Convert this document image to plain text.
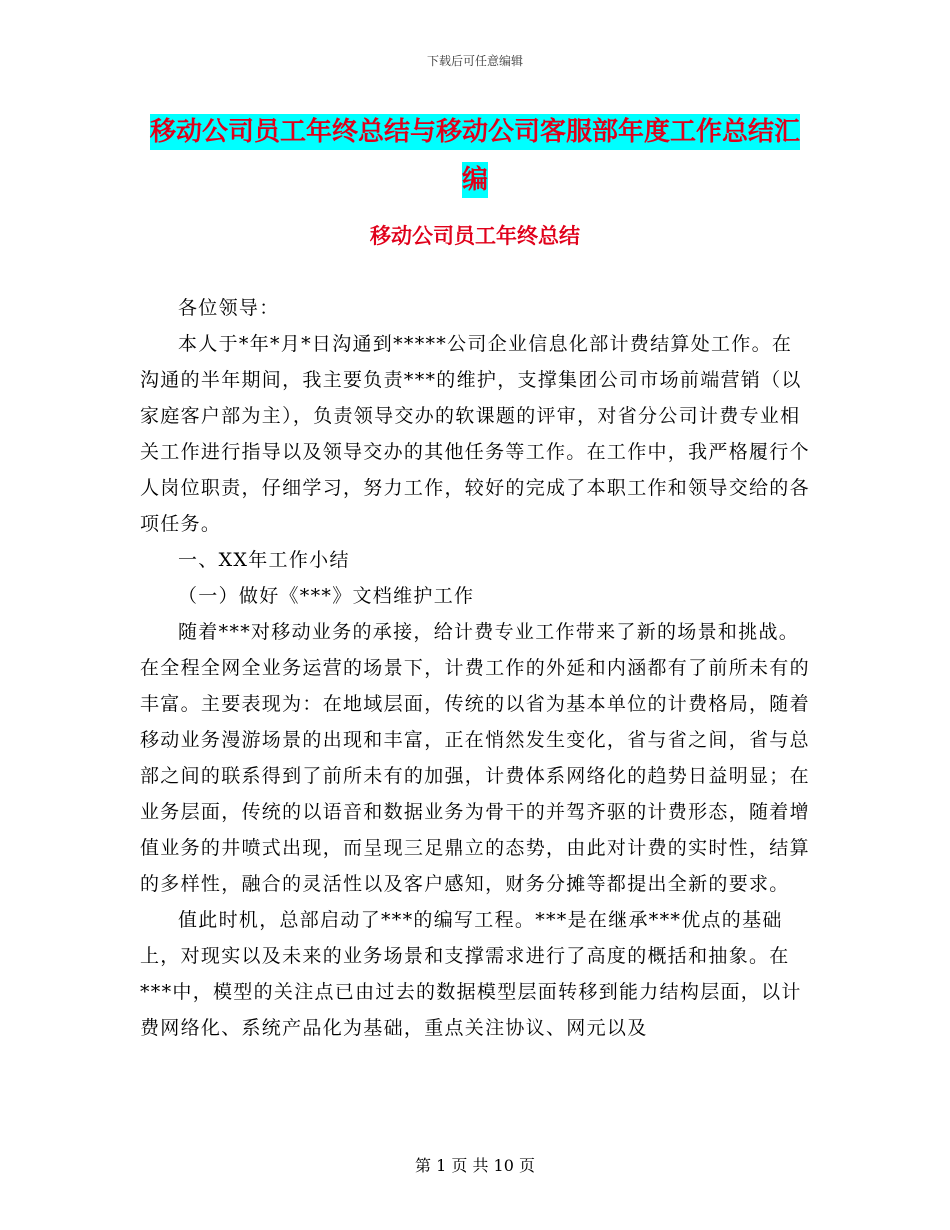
下载后可任意编辑
移动公司员工年终总结与移动公司客服部年度工作总结汇编
移动公司员工年终总结

各位领导：

本人于*年*月*日沟通到*****公司企业信息化部计费结算处工作。在沟通的半年期间，我主要负责***的维护，支撑集团公司市场前端营销（以家庭客户部为主），负责领导交办的软课题的评审，对省分公司计费专业相关工作进行指导以及领导交办的其他任务等工作。在工作中，我严格履行个人岗位职责，仔细学习，努力工作，较好的完成了本职工作和领导交给的各项任务。

一、XX年工作小结

（一）做好《***》文档维护工作

随着***对移动业务的承接，给计费专业工作带来了新的场景和挑战。在全程全网全业务运营的场景下，计费工作的外延和内涵都有了前所未有的丰富。主要表现为：在地域层面，传统的以省为基本单位的计费格局，随着移动业务漫游场景的出现和丰富，正在悄然发生变化，省与省之间，省与总部之间的联系得到了前所未有的加强，计费体系网络化的趋势日益明显；在业务层面，传统的以语音和数据业务为骨干的并驾齐驱的计费形态，随着增值业务的井喷式出现，而呈现三足鼎立的态势，由此对计费的实时性，结算的多样性，融合的灵活性以及客户感知，财务分摊等都提出全新的要求。

值此时机，总部启动了***的编写工程。***是在继承***优点的基础上，对现实以及未来的业务场景和支撑需求进行了高度的概括和抽象。在***中，模型的关注点已由过去的数据模型层面转移到能力结构层面，以计费网络化、系统产品化为基础，重点关注协议、网元以及

第 1 页 共 10 页
